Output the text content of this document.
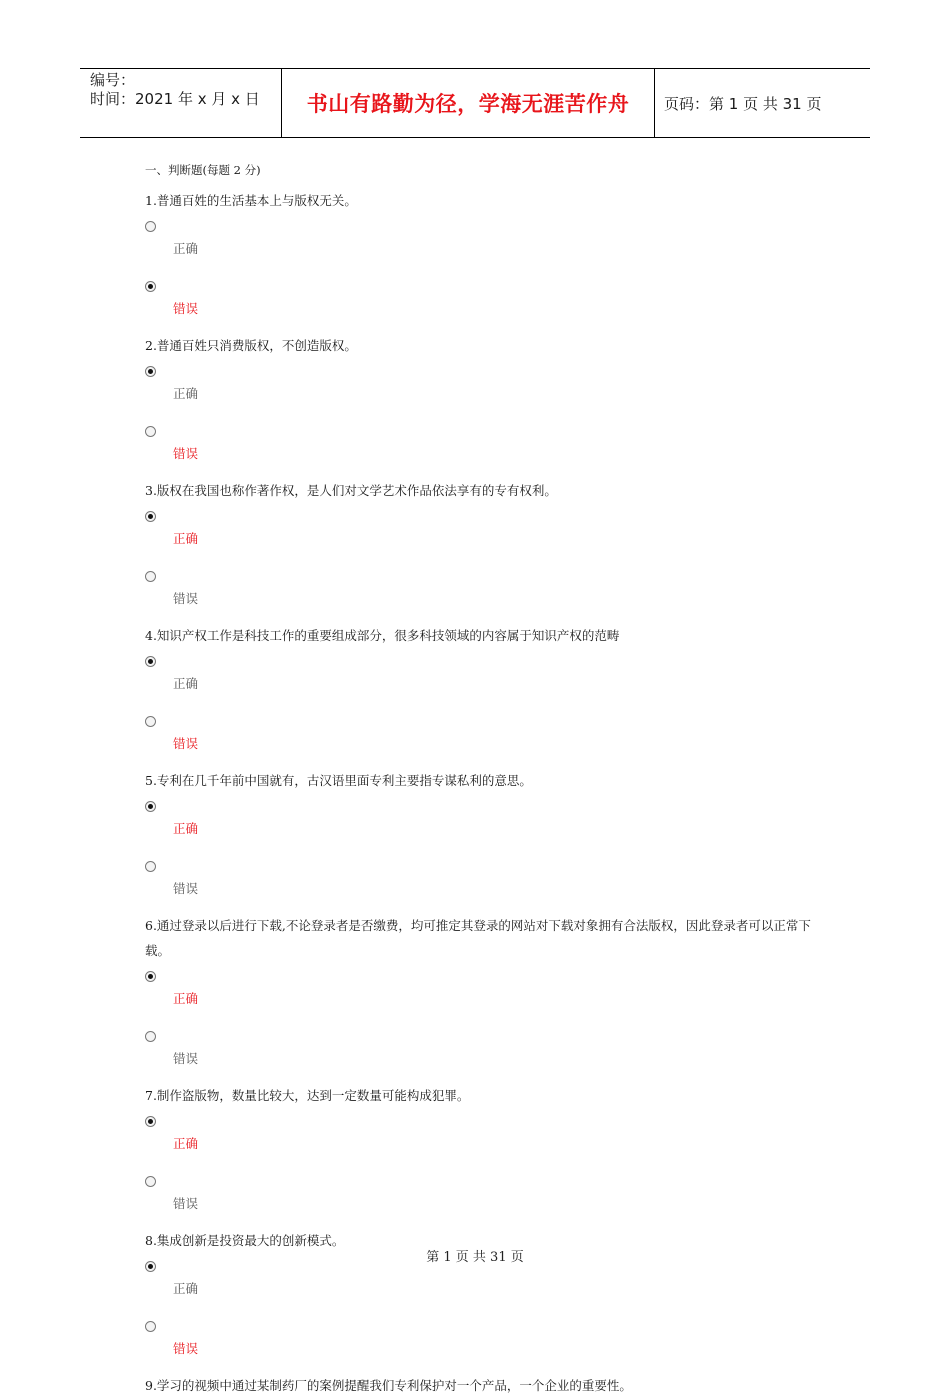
编号：
时间：2021 年 x 月 x 日	书山有路勤为径，学海无涯苦作舟 页码：第 1 页 共 31 页
一、判断题(每题 2 分)

1.普通百姓的生活基本上与版权无关。

正确
错误

2.普通百姓只消费版权，不创造版权。

正确
错误

3.版权在我国也称作著作权，是人们对文学艺术作品依法享有的专有权利。

正确
错误

4.知识产权工作是科技工作的重要组成部分，很多科技领域的内容属于知识产权的范畴

正确
错误

5.专利在几千年前中国就有，古汉语里面专利主要指专谋私利的意思。

正确
错误

6.通过登录以后进行下载,不论登录者是否缴费，均可推定其登录的网站对下载对象拥有合法版权，因此登录者可以正常下载。

正确
错误

7.制作盗版物，数量比较大，达到一定数量可能构成犯罪。

正确
错误

8.集成创新是投资最大的创新模式。

正确
错误

9.学习的视频中通过某制药厂的案例提醒我们专利保护对一个产品，一个企业的重要性。

第 1 页 共 31 页
